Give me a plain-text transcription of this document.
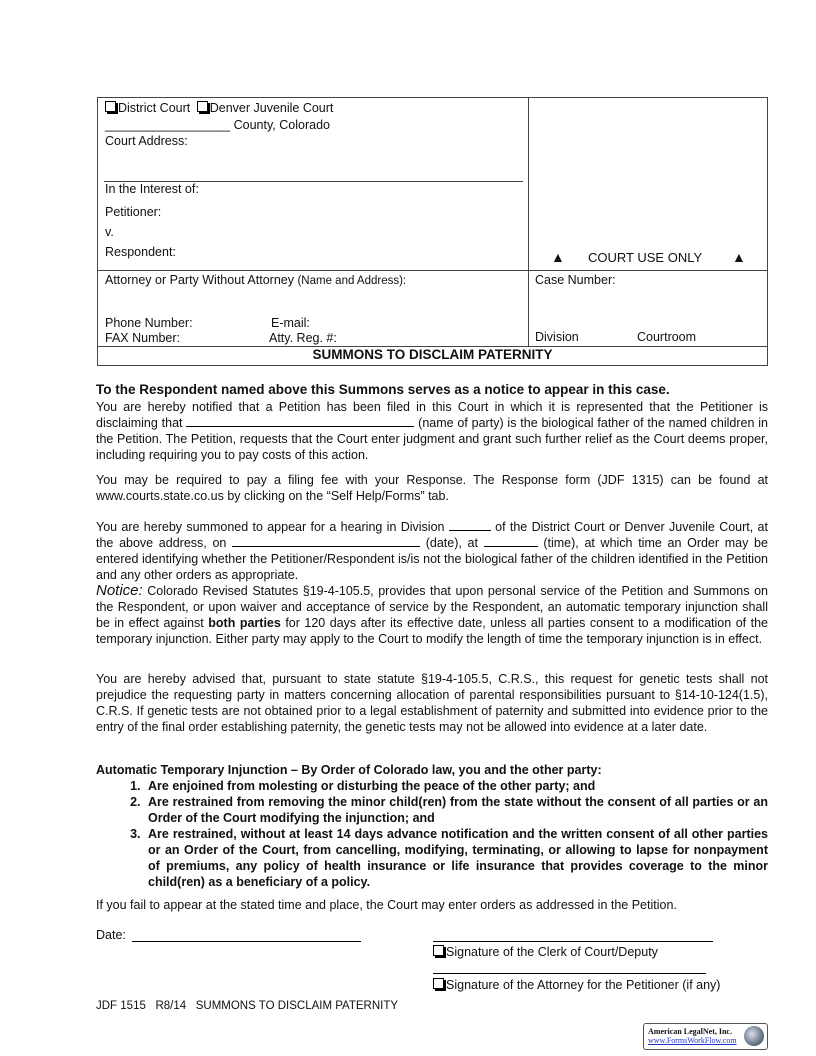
District Court Denver Juvenile Court
__________________ County, Colorado
Court Address:
In the Interest of:
Petitioner:
v.
Respondent:	▲ COURT USE ONLY ▲
Attorney or Party Without Attorney (Name and Address):
Phone Number:	E-mail:
FAX Number:	Atty. Reg. #:
Case Number:
Division	Courtroom
SUMMONS TO DISCLAIM PATERNITY
To the Respondent named above this Summons serves as a notice to appear in this case.
You are hereby notified that a Petition has been filed in this Court in which it is represented that the Petitioner is disclaiming that	(name of party) is the biological father of the named children in the Petition. The Petition, requests that the Court enter judgment and grant such further relief as the Court deems proper, including requiring you to pay costs of this action.
You may be required to pay a filing fee with your Response. The Response form (JDF 1315) can be found at www.courts.state.co.us by clicking on the “Self Help/Forms” tab.
You are hereby summoned to appear for a hearing in Division	of the District Court or Denver Juvenile Court, at the above address, on	(date), at	(time), at which time an Order may be entered identifying whether the Petitioner/Respondent is/is not the biological father of the children identified in the Petition and any other orders as appropriate.
Notice: Colorado Revised Statutes §19-4-105.5, provides that upon personal service of the Petition and Summons on the Respondent, or upon waiver and acceptance of service by the Respondent, an automatic temporary injunction shall be in effect against both parties for 120 days after its effective date, unless all parties consent to a modification of the temporary injunction. Either party may apply to the Court to modify the length of time the temporary injunction is in effect.
You are hereby advised that, pursuant to state statute §19-4-105.5, C.R.S., this request for genetic tests shall not prejudice the requesting party in matters concerning allocation of parental responsibilities pursuant to §14-10-124(1.5), C.R.S. If genetic tests are not obtained prior to a legal establishment of paternity and submitted into evidence prior to the entry of the final order establishing paternity, the genetic tests may not be allowed into evidence at a later date.
Automatic Temporary Injunction – By Order of Colorado law, you and the other party:
1. Are enjoined from molesting or disturbing the peace of the other party; and
2. Are restrained from removing the minor child(ren) from the state without the consent of all parties or an Order of the Court modifying the injunction; and
3. Are restrained, without at least 14 days advance notification and the written consent of all other parties or an Order of the Court, from cancelling, modifying, terminating, or allowing to lapse for nonpayment of premiums, any policy of health insurance or life insurance that provides coverage to the minor child(ren) as a beneficiary of a policy.
If you fail to appear at the stated time and place, the Court may enter orders as addressed in the Petition.
Date:
Signature of the Clerk of Court/Deputy
Signature of the Attorney for the Petitioner (if any)
JDF 1515   R8/14   SUMMONS TO DISCLAIM PATERNITY
American LegalNet, Inc.
www.FormsWorkFlow.com
